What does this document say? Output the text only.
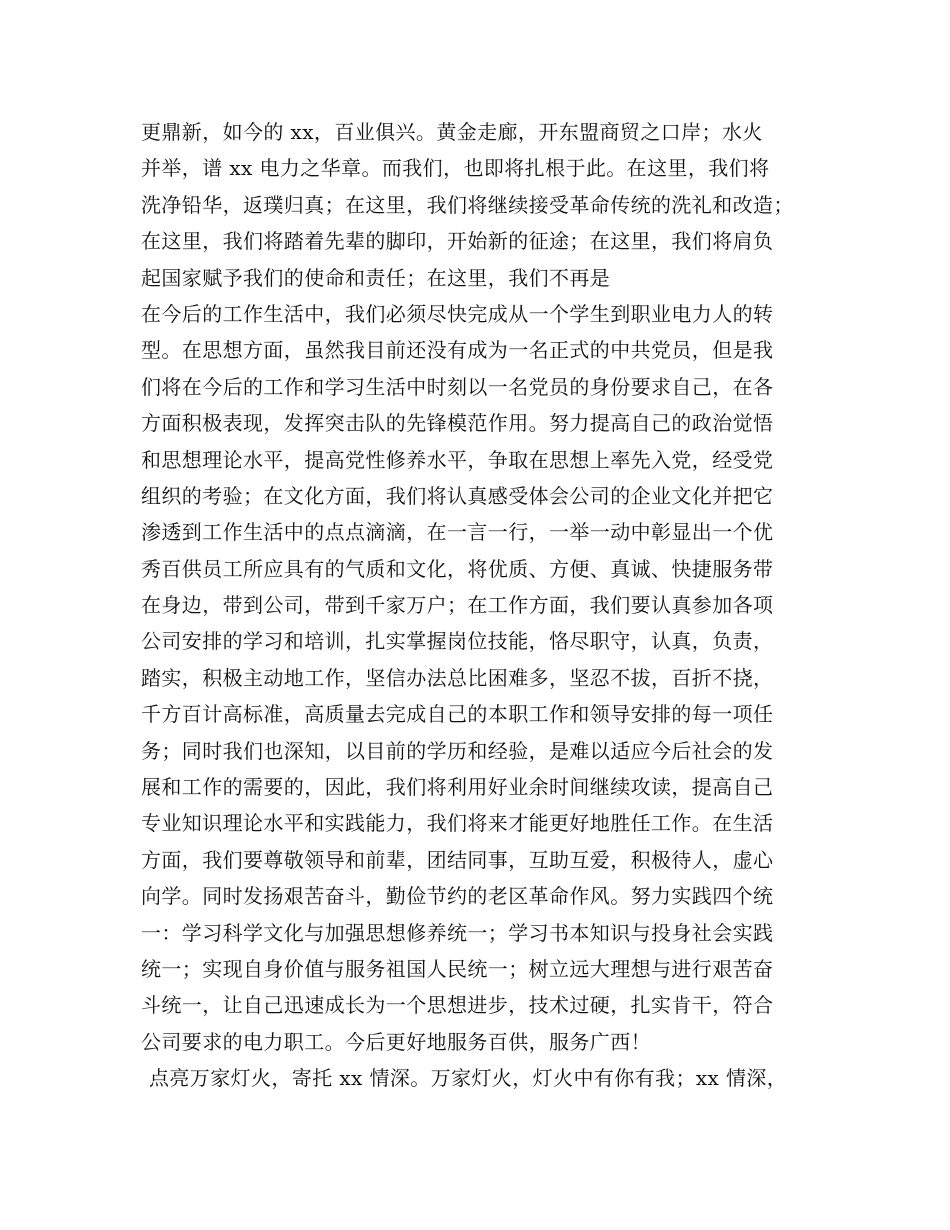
更鼎新，如今的 xx，百业俱兴。黄金走廊，开东盟商贸之口岸；水火
并举，谱 xx 电力之华章。而我们，也即将扎根于此。在这里，我们将
洗净铅华，返璞归真；在这里，我们将继续接受革命传统的洗礼和改造；
在这里，我们将踏着先辈的脚印，开始新的征途；在这里，我们将肩负
起国家赋予我们的使命和责任；在这里，我们不再是
在今后的工作生活中，我们必须尽快完成从一个学生到职业电力人的转
型。在思想方面，虽然我目前还没有成为一名正式的中共党员，但是我
们将在今后的工作和学习生活中时刻以一名党员的身份要求自己，在各
方面积极表现，发挥突击队的先锋模范作用。努力提高自己的政治觉悟
和思想理论水平，提高党性修养水平，争取在思想上率先入党，经受党
组织的考验；在文化方面，我们将认真感受体会公司的企业文化并把它
渗透到工作生活中的点点滴滴，在一言一行，一举一动中彰显出一个优
秀百供员工所应具有的气质和文化，将优质、方便、真诚、快捷服务带
在身边，带到公司，带到千家万户；在工作方面，我们要认真参加各项
公司安排的学习和培训，扎实掌握岗位技能，恪尽职守，认真，负责，
踏实，积极主动地工作，坚信办法总比困难多，坚忍不拔，百折不挠，
千方百计高标准，高质量去完成自己的本职工作和领导安排的每一项任
务；同时我们也深知，以目前的学历和经验，是难以适应今后社会的发
展和工作的需要的，因此，我们将利用好业余时间继续攻读，提高自己
专业知识理论水平和实践能力，我们将来才能更好地胜任工作。在生活
方面，我们要尊敬领导和前辈，团结同事，互助互爱，积极待人，虚心
向学。同时发扬艰苦奋斗，勤俭节约的老区革命作风。努力实践四个统
一：学习科学文化与加强思想修养统一；学习书本知识与投身社会实践
统一；实现自身价值与服务祖国人民统一；树立远大理想与进行艰苦奋
斗统一，让自己迅速成长为一个思想进步，技术过硬，扎实肯干，符合
公司要求的电力职工。今后更好地服务百供，服务广西！
点亮万家灯火，寄托 xx 情深。万家灯火，灯火中有你有我；xx 情深，
